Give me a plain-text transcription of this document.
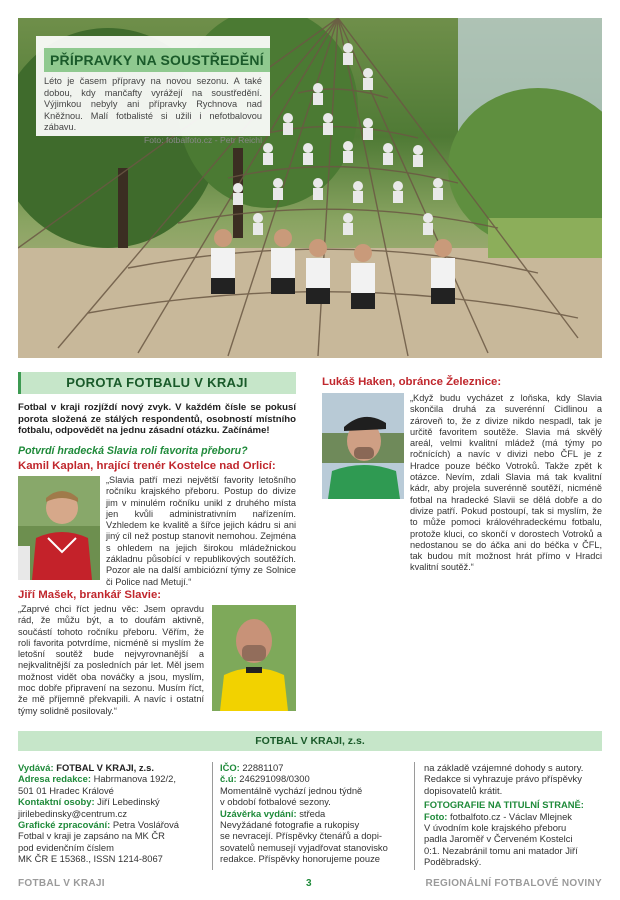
PŘÍPRAVKY NA SOUSTŘEDĚNÍ
Léto je časem přípravy na novou sezonu. A také dobou, kdy mančafty vyrážejí na soustředění. Výjimkou nebyly ani přípravky Rychnova nad Kněžnou. Malí fotbalisté si užili i nefotbalovou zábavu.
Foto: fotbalfoto.cz - Petr Reichl
POROTA FOTBALU V KRAJI
Fotbal v kraji rozjíždí nový zvyk. V každém čísle se pokusí porota složená ze stálých respondentů, osobností místního fotbalu, odpovědět na jednu zásadní otázku. Začínáme!
Potvrdí hradecká Slavia roli favorita přeboru?
Kamil Kaplan, hrající trenér Kostelce nad Orlicí:
„Slavia patří mezi největší favority letošního ročníku krajského přeboru. Postup do divize jim v minulém ročníku unikl z druhého místa jen kvůli administrativním nařízením. Vzhledem ke kvalitě a šířce jejich kádru si ani jiný cíl než postup stanovit nemohou. Zejména s ohledem na jejich širokou mládežnickou základnu působící v republikových soutěžích. Pozor ale na další ambiciózní týmy ze Solnice či Police nad Metují.“
Jiří Mašek, brankář Slavie:
„Zaprvé chci říct jednu věc: Jsem opravdu rád, že můžu být, a to doufám aktivně, součástí tohoto ročníku přeboru. Věřím, že roli favorita potvrdíme, nicméně si myslím že letošní soutěž bude nejvyrovnanější a nejkvalitnější za posledních pár let. Měl jsem možnost vidět oba nováčky a jsou, myslím, moc dobře připravení na sezonu. Musím říct, že mě příjemně překvapili. A navíc i ostatní týmy solidně posilovaly.“
Lukáš Haken, obránce Železnice:
„Když budu vycházet z loňska, kdy Slavia skončila druhá za suverénní Cidlinou a zároveň to, že z divize nikdo nespadl, tak je určitě favoritem soutěže. Slavia má skvělý areál, velmi kvalitní mládež (má týmy po ročnících) a navíc v divizi nebo ČFL je z Hradce pouze béčko Votroků. Takže zpět k otázce. Nevím, zdali Slavia má tak kvalitní kádr, aby projela suverénně soutěží, nicméně fotbal na hradecké Slavii se dělá dobře a do divize patří. Pokud postoupí, tak si myslím, že to může pomoci královéhradeckému fotbalu, protože kluci, co skončí v dorostech Votroků a nedostanou se do áčka ani do béčka v ČFL, tak budou mít možnost hrát přímo v Hradci kvalitní soutěž.“
FOTBAL V KRAJI, z.s.
Vydává: FOTBAL V KRAJI, z.s.
Adresa redakce: Habrmanova 192/2,
501 01 Hradec Králové
Kontaktní osoby: Jiří Lebedinský
jirilebedinsky@centrum.cz
Grafické zpracování: Petra Voslářová
Fotbal v kraji je zapsáno na MK ČR
pod evidenčním číslem
MK ČR E 15368., ISSN 1214-8067
IČO: 22881107
č.ú: 246291098/0300
Momentálně vychází jednou týdně
v období fotbalové sezony.
Uzávěrka vydání: středa
Nevyžádané fotografie a rukopisy
se nevracejí. Příspěvky čtenářů a dopi-
sovatelů nemusejí vyjadřovat stanovisko
redakce. Příspěvky honorujeme pouze
na základě vzájemné dohody s autory.
Redakce si vyhrazuje právo příspěvky
dopisovatelů krátit.
FOTOGRAFIE NA TITULNÍ STRANĚ:
Foto: fotbalfoto.cz - Václav Mlejnek
V úvodním kole krajského přeboru
padla Jaroměř v Červeném Kostelci
0:1. Nezabránil tomu ani matador Jiří
Poděbradský.
FOTBAL V KRAJI	3	REGIONÁLNÍ FOTBALOVÉ NOVINY
